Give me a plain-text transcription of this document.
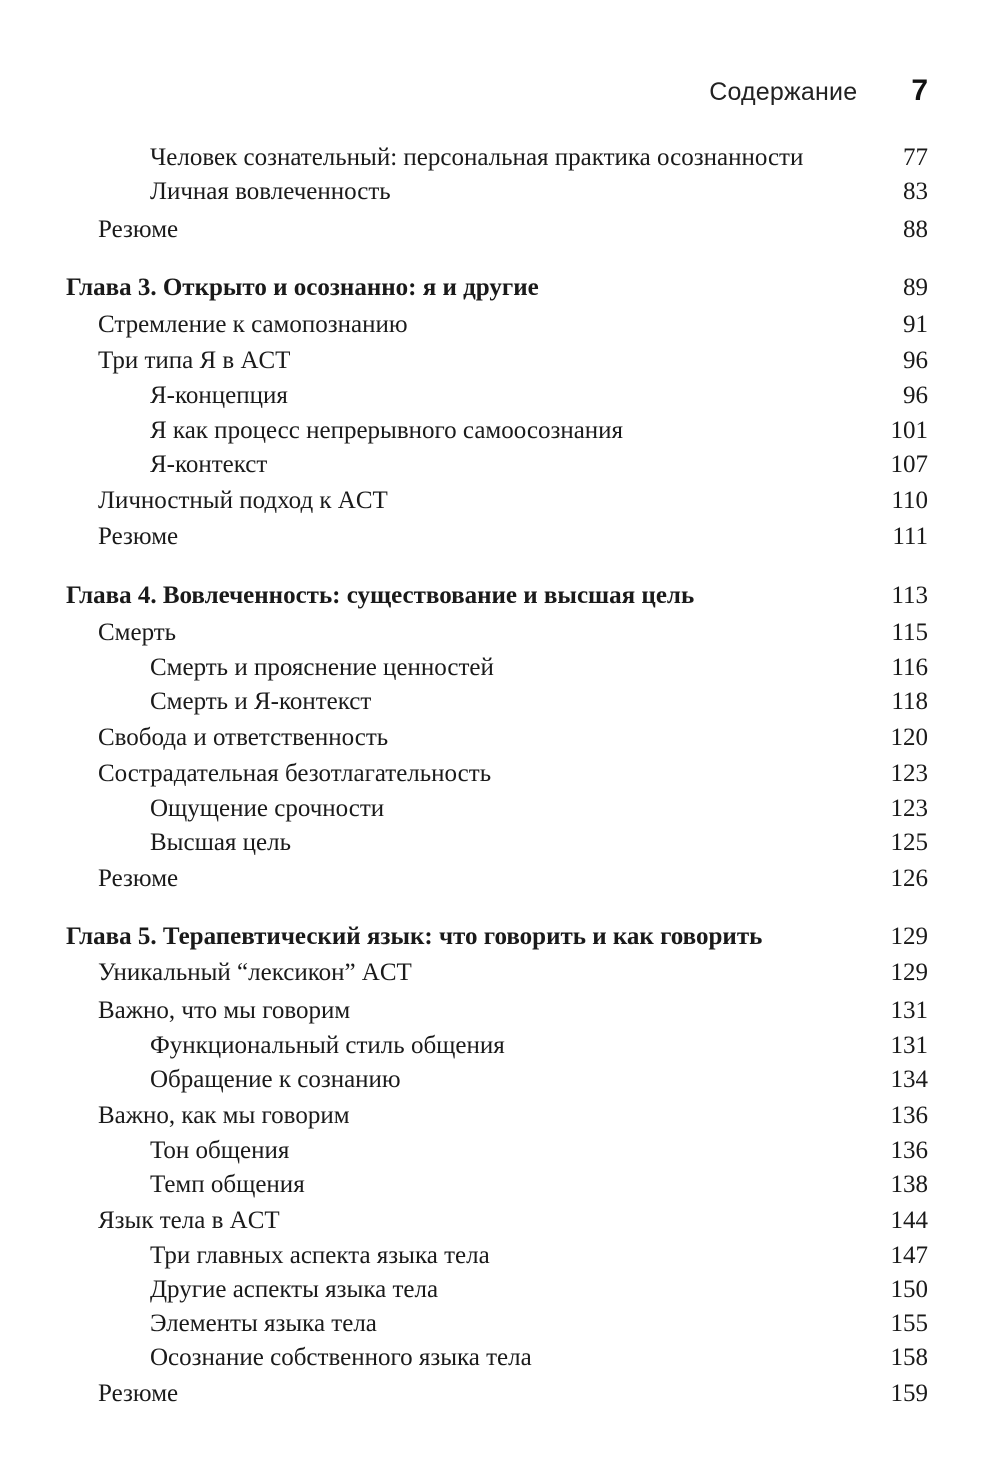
Содержание 7
Человек сознательный: персональная практика осознанности	77
Личная вовлеченность	83
Резюме	88
Глава 3. Открыто и осознанно: я и другие	89
Стремление к самопознанию	91
Три типа Я в ACT	96
Я-концепция	96
Я как процесс непрерывного самоосознания	101
Я-контекст	107
Личностный подход к ACT	110
Резюме	111
Глава 4. Вовлеченность: существование и высшая цель	113
Смерть	115
Смерть и прояснение ценностей	116
Смерть и Я-контекст	118
Свобода и ответственность	120
Сострадательная безотлагательность	123
Ощущение срочности	123
Высшая цель	125
Резюме	126
Глава 5. Терапевтический язык: что говорить и как говорить	129
Уникальный “лексикон” ACT	129
Важно, что мы говорим	131
Функциональный стиль общения	131
Обращение к сознанию	134
Важно, как мы говорим	136
Тон общения	136
Темп общения	138
Язык тела в ACT	144
Три главных аспекта языка тела	147
Другие аспекты языка тела	150
Элементы языка тела	155
Осознание собственного языка тела	158
Резюме	159
